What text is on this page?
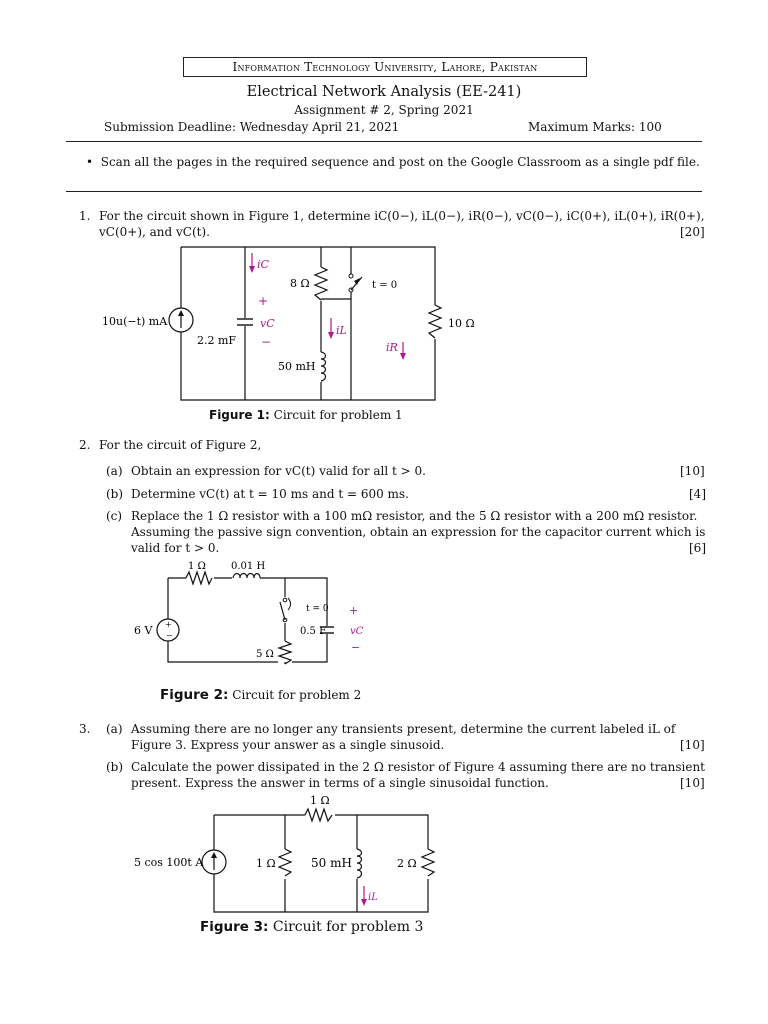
Information Technology University, Lahore, Pakistan
Electrical Network Analysis (EE-241)
Assignment # 2, Spring 2021
Submission Deadline: Wednesday April 21, 2021	Maximum Marks: 100
•  Scan all the pages in the required sequence and post on the Google Classroom as a single pdf file.
1. For the circuit shown in Figure 1, determine iC(0−), iL(0−), iR(0−), vC(0−), iC(0+), iL(0+), iR(0+),
vC(0+), and vC(t).	[20]
10u(−t) mA
2.2 mF
+
vC
−
iC
8 Ω	t = 0
iL
50 mH
10 Ω
iR
Figure 1: Circuit for problem 1
2. For the circuit of Figure 2,
(a) Obtain an expression for vC(t) valid for all t > 0.	[10]
(b) Determine vC(t) at t = 10 ms and t = 600 ms.	[4]
(c) Replace the 1 Ω resistor with a 100 mΩ resistor, and the 5 Ω resistor with a 200 mΩ resistor.
Assuming the passive sign convention, obtain an expression for the capacitor current which is
valid for t > 0.	[6]
1 Ω	0.01 H
+
−
6 V
t = 0
5 Ω
0.5 F
+
vC
−
Figure 2: Circuit for problem 2
3. (a) Assuming there are no longer any transients present, determine the current labeled iL of
Figure 3. Express your answer as a single sinusoid.	[10]
(b) Calculate the power dissipated in the 2 Ω resistor of Figure 4 assuming there are no transient
present. Express the answer in terms of a single sinusoidal function.	[10]
5 cos 100t A
1 Ω
1 Ω	50 mH	2 Ω
iL
Figure 3: Circuit for problem 3
